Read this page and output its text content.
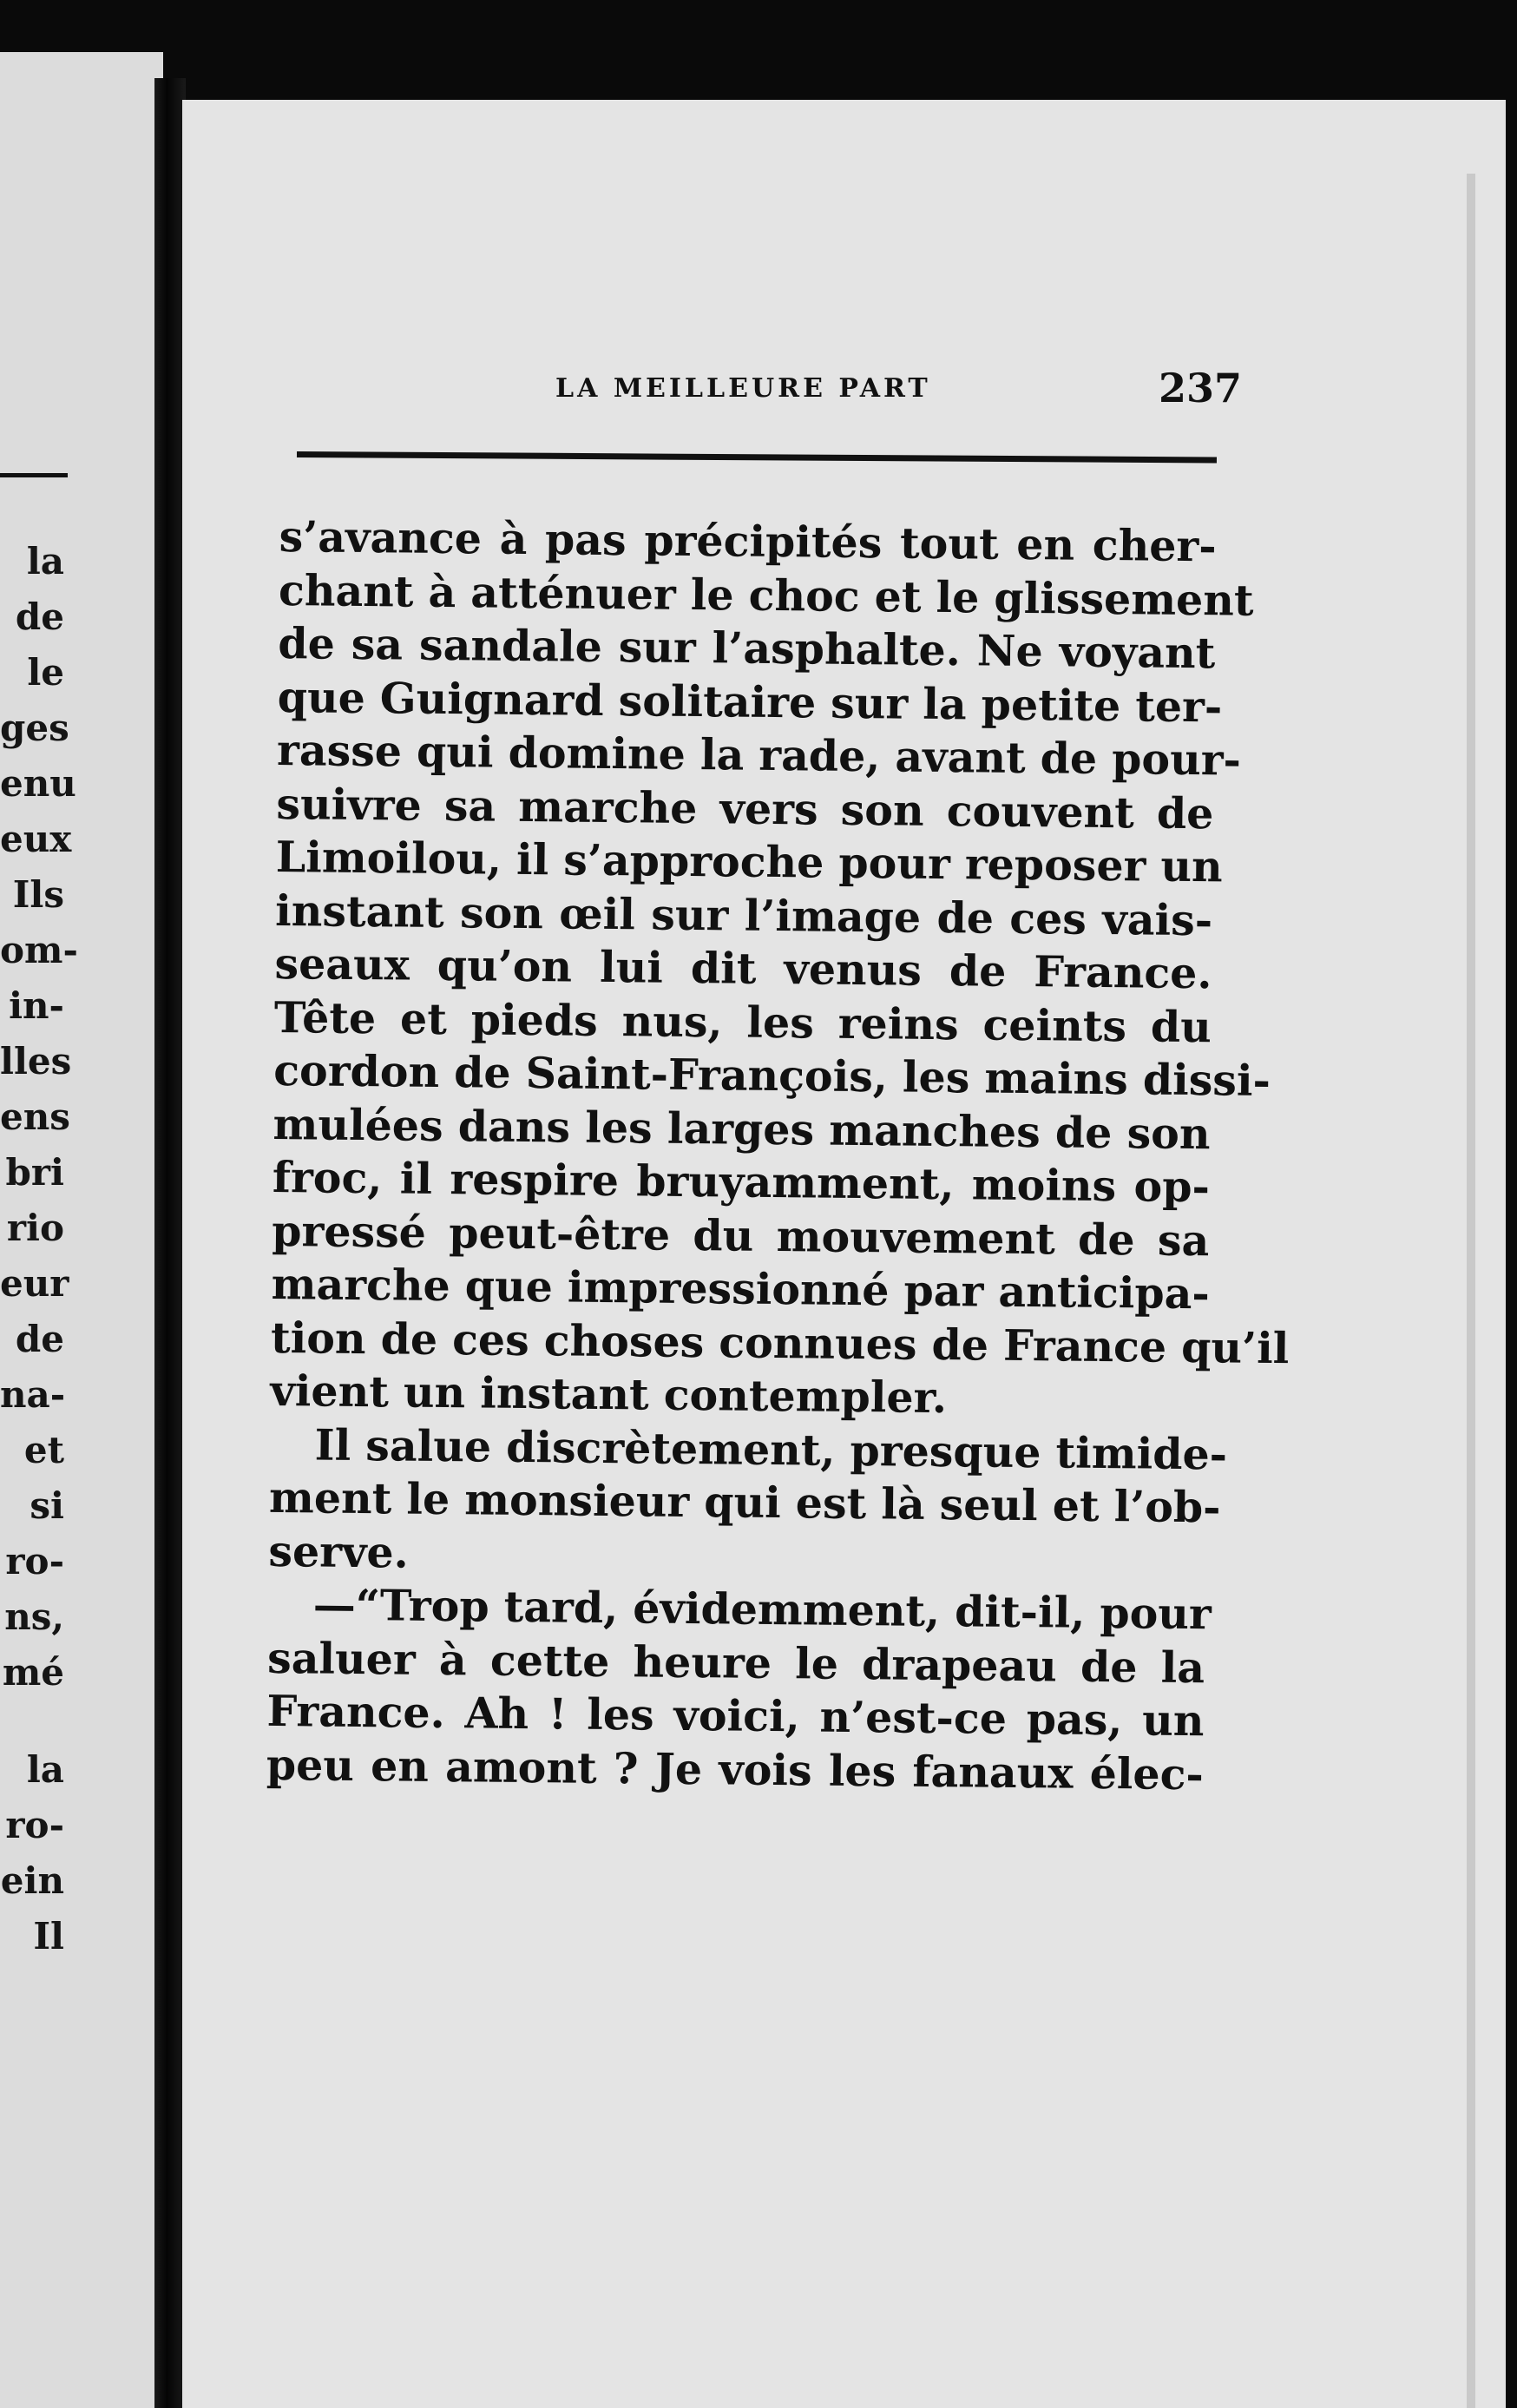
la
de
le
ges
enu
eux
Ils
om-
in-
lles
ens
bri
rio
eur
de
na-
et
si
ro-
ns,
mé
la
ro-
ein
Il
LA MEILLEURE PART	237
s’avance à pas précipités tout en cher-
chant à atténuer le choc et le glissement
de sa sandale sur l’asphalte. Ne voyant
que Guignard solitaire sur la petite ter-
rasse qui domine la rade, avant de pour-
suivre sa marche vers son couvent de
Limoilou, il s’approche pour reposer un
instant son œil sur l’image de ces vais-
seaux qu’on lui dit venus de France.
Tête et pieds nus, les reins ceints du
cordon de Saint-François, les mains dissi-
mulées dans les larges manches de son
froc, il respire bruyamment, moins op-
pressé peut-être du mouvement de sa
marche que impressionné par anticipa-
tion de ces choses connues de France qu’il
vient un instant contempler.
Il salue discrètement, presque timide-
ment le monsieur qui est là seul et l’ob-
serve.
—“Trop tard, évidemment, dit-il, pour
saluer à cette heure le drapeau de la
France. Ah ! les voici, n’est-ce pas, un
peu en amont ? Je vois les fanaux élec-
